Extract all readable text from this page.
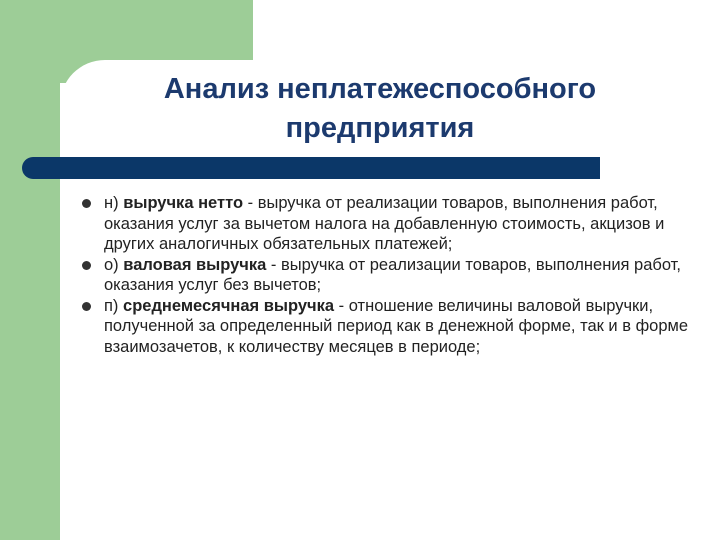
Анализ неплатежеспособного
предприятия
н) выручка нетто - выручка от реализации товаров, выполнения работ, оказания услуг за вычетом налога на добавленную стоимость, акцизов и других аналогичных обязательных платежей;
о) валовая выручка - выручка от реализации товаров, выполнения работ, оказания услуг без вычетов;
п) среднемесячная выручка - отношение величины валовой выручки, полученной за определенный период как в денежной форме, так и в форме взаимозачетов, к количеству месяцев в периоде;
